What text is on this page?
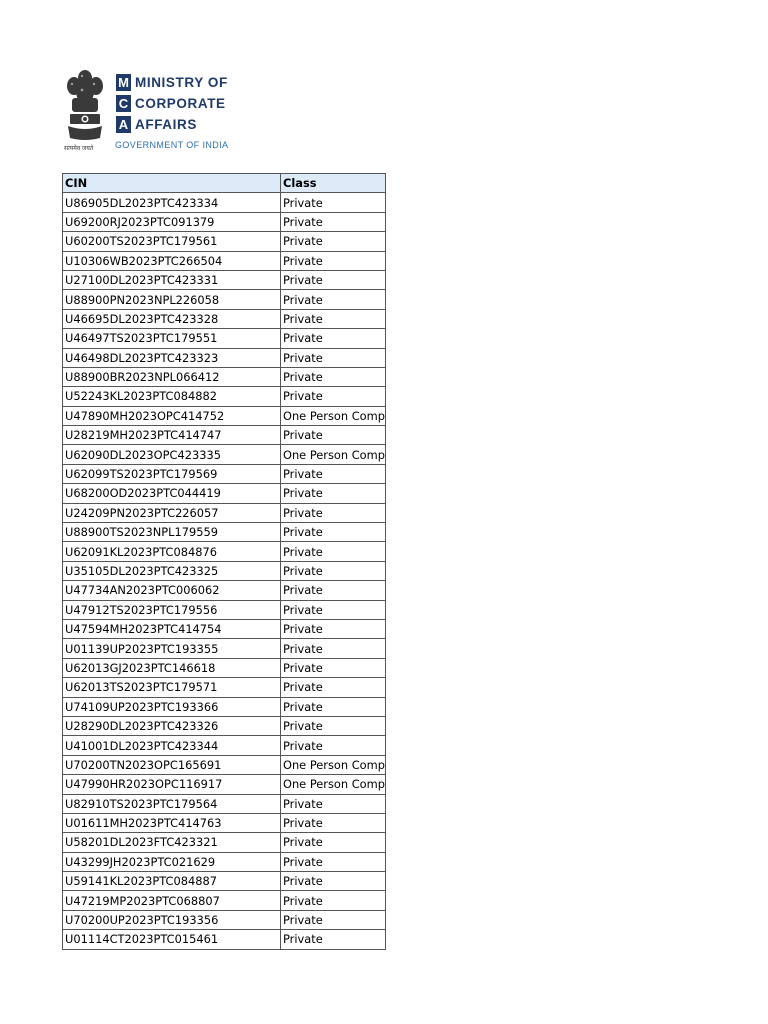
सत्यमेव जयते
M MINISTRY OF
C CORPORATE
A AFFAIRS
GOVERNMENT OF INDIA
CIN	Class
U86905DL2023PTC423334	Private
U69200RJ2023PTC091379	Private
U60200TS2023PTC179561	Private
U10306WB2023PTC266504	Private
U27100DL2023PTC423331	Private
U88900PN2023NPL226058	Private
U46695DL2023PTC423328	Private
U46497TS2023PTC179551	Private
U46498DL2023PTC423323	Private
U88900BR2023NPL066412	Private
U52243KL2023PTC084882	Private
U47890MH2023OPC414752	One Person Comp
U28219MH2023PTC414747	Private
U62090DL2023OPC423335	One Person Comp
U62099TS2023PTC179569	Private
U68200OD2023PTC044419	Private
U24209PN2023PTC226057	Private
U88900TS2023NPL179559	Private
U62091KL2023PTC084876	Private
U35105DL2023PTC423325	Private
U47734AN2023PTC006062	Private
U47912TS2023PTC179556	Private
U47594MH2023PTC414754	Private
U01139UP2023PTC193355	Private
U62013GJ2023PTC146618	Private
U62013TS2023PTC179571	Private
U74109UP2023PTC193366	Private
U28290DL2023PTC423326	Private
U41001DL2023PTC423344	Private
U70200TN2023OPC165691	One Person Comp
U47990HR2023OPC116917	One Person Comp
U82910TS2023PTC179564	Private
U01611MH2023PTC414763	Private
U58201DL2023FTC423321	Private
U43299JH2023PTC021629	Private
U59141KL2023PTC084887	Private
U47219MP2023PTC068807	Private
U70200UP2023PTC193356	Private
U01114CT2023PTC015461	Private
